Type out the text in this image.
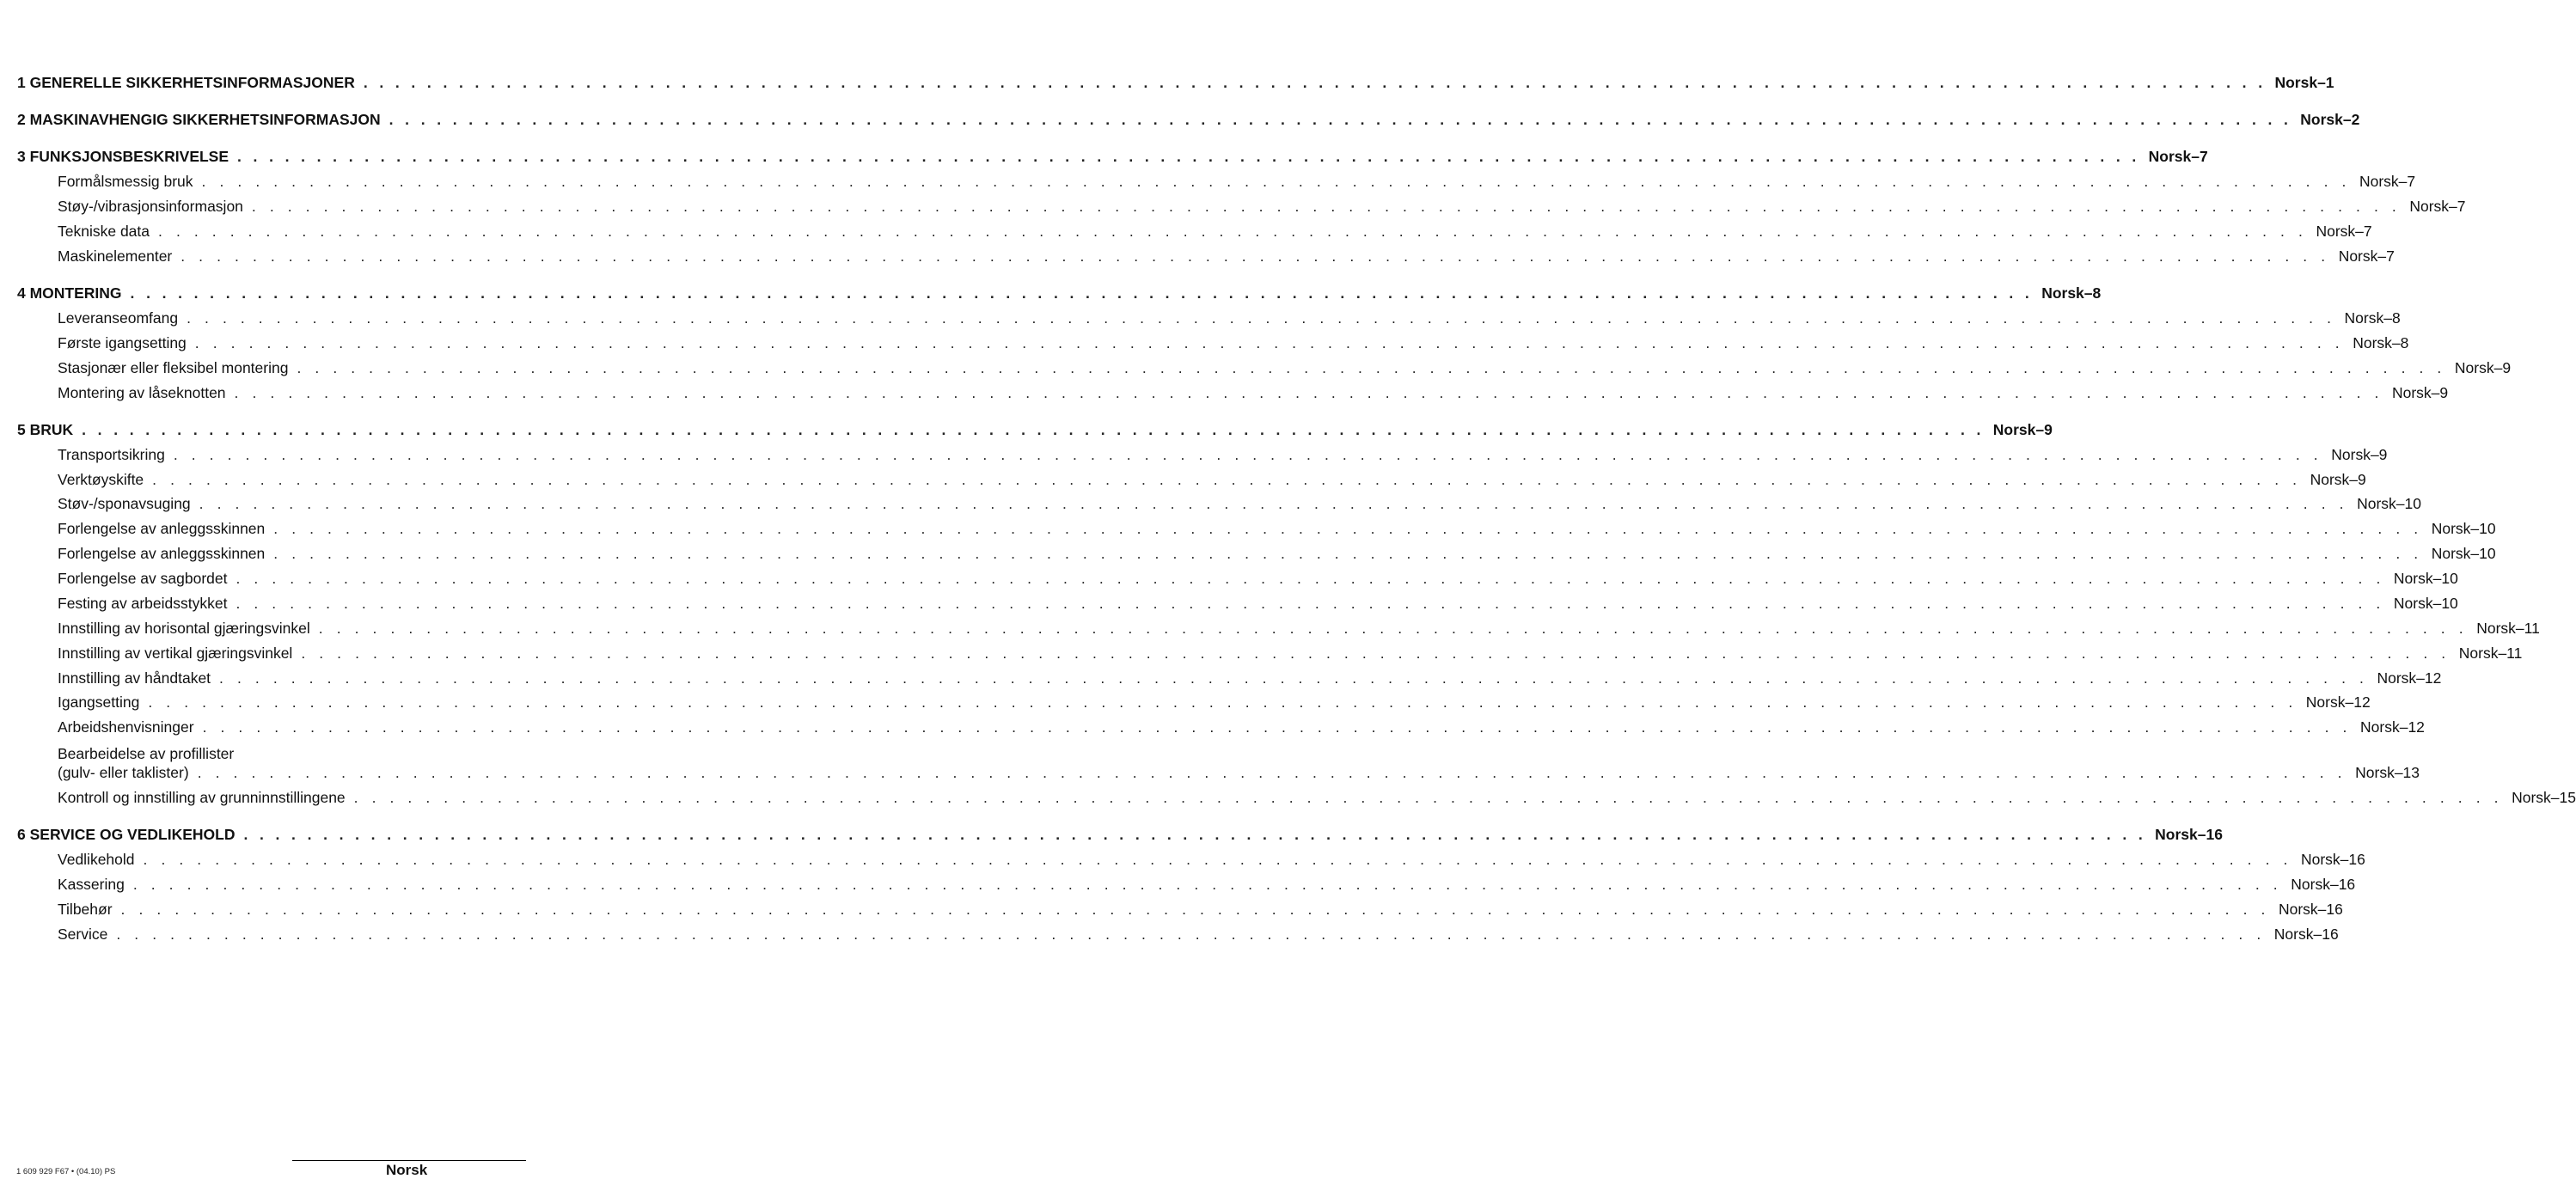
1 GENERELLE SIKKERHETSINFORMASJONER . . . . . . . . . . . . . . . . . . . . . . . . . . . . . . . . . . . . . . . . . . . . . . . . . . . . . . . . . . . . . . . . . . . . . . . . . . . . . . . . . . . . . . . . . . . . . . . . . . . . . . . . . . . . . . . . . . . . . . . . Norsk–1
2 MASKINAVHENGIG SIKKERHETSINFORMASJON . . . . . . . . . . . . . . . . . . . . . . . . . . . . . . . . . . . . . . . . . . . . . . . . . . . . . . . . . . . . . . . . . . . . . . . . . . . . . . . . . . . . . . . . . . . . . . . . . . . . . . . . . . . . . . . . . . . . . . . . Norsk–2
3 FUNKSJONSBESKRIVELSE . . . . . . . . . . . . . . . . . . . . . . . . . . . . . . . . . . . . . . . . . . . . . . . . . . . . . . . . . . . . . . . . . . . . . . . . . . . . . . . . . . . . . . . . . . . . . . . . . . . . . . . . . . . . . . . . . . . . . . . . Norsk–7
Formålsmessig bruk . . . . . . . . . . . . . . . . . . . . . . . . . . . . . . . . . . . . . . . . . . . . . . . . . . . . . . . . . . . . . . . . . . . . . . . . . . . . . . . . . . . . . . . . . . . . . . . . . . . . . . . . . . . . . . . . . . . . . . . . Norsk–7
Støy-/vibrasjonsinformasjon . . . . . . . . . . . . . . . . . . . . . . . . . . . . . . . . . . . . . . . . . . . . . . . . . . . . . . . . . . . . . . . . . . . . . . . . . . . . . . . . . . . . . . . . . . . . . . . . . . . . . . . . . . . . . . . . . . . . . . . . Norsk–7
Tekniske data . . . . . . . . . . . . . . . . . . . . . . . . . . . . . . . . . . . . . . . . . . . . . . . . . . . . . . . . . . . . . . . . . . . . . . . . . . . . . . . . . . . . . . . . . . . . . . . . . . . . . . . . . . . . . . . . . . . . . . . . Norsk–7
Maskinelementer . . . . . . . . . . . . . . . . . . . . . . . . . . . . . . . . . . . . . . . . . . . . . . . . . . . . . . . . . . . . . . . . . . . . . . . . . . . . . . . . . . . . . . . . . . . . . . . . . . . . . . . . . . . . . . . . . . . . . . . . Norsk–7
4 MONTERING . . . . . . . . . . . . . . . . . . . . . . . . . . . . . . . . . . . . . . . . . . . . . . . . . . . . . . . . . . . . . . . . . . . . . . . . . . . . . . . . . . . . . . . . . . . . . . . . . . . . . . . . . . . . . . . . . . . . . . . . Norsk–8
Leveranseomfang . . . . . . . . . . . . . . . . . . . . . . . . . . . . . . . . . . . . . . . . . . . . . . . . . . . . . . . . . . . . . . . . . . . . . . . . . . . . . . . . . . . . . . . . . . . . . . . . . . . . . . . . . . . . . . . . . . . . . . . . Norsk–8
Første igangsetting . . . . . . . . . . . . . . . . . . . . . . . . . . . . . . . . . . . . . . . . . . . . . . . . . . . . . . . . . . . . . . . . . . . . . . . . . . . . . . . . . . . . . . . . . . . . . . . . . . . . . . . . . . . . . . . . . . . . . . . . Norsk–8
Stasjonær eller fleksibel montering . . . . . . . . . . . . . . . . . . . . . . . . . . . . . . . . . . . . . . . . . . . . . . . . . . . . . . . . . . . . . . . . . . . . . . . . . . . . . . . . . . . . . . . . . . . . . . . . . . . . . . . . . . . . . . . . . . . . . . . . Norsk–9
Montering av låseknotten . . . . . . . . . . . . . . . . . . . . . . . . . . . . . . . . . . . . . . . . . . . . . . . . . . . . . . . . . . . . . . . . . . . . . . . . . . . . . . . . . . . . . . . . . . . . . . . . . . . . . . . . . . . . . . . . . . . . . . . . Norsk–9
5 BRUK . . . . . . . . . . . . . . . . . . . . . . . . . . . . . . . . . . . . . . . . . . . . . . . . . . . . . . . . . . . . . . . . . . . . . . . . . . . . . . . . . . . . . . . . . . . . . . . . . . . . . . . . . . . . . . . . . . . . . . . . Norsk–9
Transportsikring . . . . . . . . . . . . . . . . . . . . . . . . . . . . . . . . . . . . . . . . . . . . . . . . . . . . . . . . . . . . . . . . . . . . . . . . . . . . . . . . . . . . . . . . . . . . . . . . . . . . . . . . . . . . . . . . . . . . . . . . Norsk–9
Verktøyskifte . . . . . . . . . . . . . . . . . . . . . . . . . . . . . . . . . . . . . . . . . . . . . . . . . . . . . . . . . . . . . . . . . . . . . . . . . . . . . . . . . . . . . . . . . . . . . . . . . . . . . . . . . . . . . . . . . . . . . . . . Norsk–9
Støv-/sponavsuging . . . . . . . . . . . . . . . . . . . . . . . . . . . . . . . . . . . . . . . . . . . . . . . . . . . . . . . . . . . . . . . . . . . . . . . . . . . . . . . . . . . . . . . . . . . . . . . . . . . . . . . . . . . . . . . . . . . . . . . . Norsk–10
Forlengelse av anleggsskinnen . . . . . . . . . . . . . . . . . . . . . . . . . . . . . . . . . . . . . . . . . . . . . . . . . . . . . . . . . . . . . . . . . . . . . . . . . . . . . . . . . . . . . . . . . . . . . . . . . . . . . . . . . . . . . . . . . . . . . . . . Norsk–10
Forlengelse av anleggsskinnen . . . . . . . . . . . . . . . . . . . . . . . . . . . . . . . . . . . . . . . . . . . . . . . . . . . . . . . . . . . . . . . . . . . . . . . . . . . . . . . . . . . . . . . . . . . . . . . . . . . . . . . . . . . . . . . . . . . . . . . . Norsk–10
Forlengelse av sagbordet . . . . . . . . . . . . . . . . . . . . . . . . . . . . . . . . . . . . . . . . . . . . . . . . . . . . . . . . . . . . . . . . . . . . . . . . . . . . . . . . . . . . . . . . . . . . . . . . . . . . . . . . . . . . . . . . . . . . . . . . Norsk–10
Festing av arbeidsstykket . . . . . . . . . . . . . . . . . . . . . . . . . . . . . . . . . . . . . . . . . . . . . . . . . . . . . . . . . . . . . . . . . . . . . . . . . . . . . . . . . . . . . . . . . . . . . . . . . . . . . . . . . . . . . . . . . . . . . . . . Norsk–10
Innstilling av horisontal gjæringsvinkel . . . . . . . . . . . . . . . . . . . . . . . . . . . . . . . . . . . . . . . . . . . . . . . . . . . . . . . . . . . . . . . . . . . . . . . . . . . . . . . . . . . . . . . . . . . . . . . . . . . . . . . . . . . . . . . . . . . . . . . . Norsk–11
Innstilling av vertikal gjæringsvinkel . . . . . . . . . . . . . . . . . . . . . . . . . . . . . . . . . . . . . . . . . . . . . . . . . . . . . . . . . . . . . . . . . . . . . . . . . . . . . . . . . . . . . . . . . . . . . . . . . . . . . . . . . . . . . . . . . . . . . . . . Norsk–11
Innstilling av håndtaket . . . . . . . . . . . . . . . . . . . . . . . . . . . . . . . . . . . . . . . . . . . . . . . . . . . . . . . . . . . . . . . . . . . . . . . . . . . . . . . . . . . . . . . . . . . . . . . . . . . . . . . . . . . . . . . . . . . . . . . . Norsk–12
Igangsetting . . . . . . . . . . . . . . . . . . . . . . . . . . . . . . . . . . . . . . . . . . . . . . . . . . . . . . . . . . . . . . . . . . . . . . . . . . . . . . . . . . . . . . . . . . . . . . . . . . . . . . . . . . . . . . . . . . . . . . . . Norsk–12
Arbeidshenvisninger . . . . . . . . . . . . . . . . . . . . . . . . . . . . . . . . . . . . . . . . . . . . . . . . . . . . . . . . . . . . . . . . . . . . . . . . . . . . . . . . . . . . . . . . . . . . . . . . . . . . . . . . . . . . . . . . . . . . . . . . Norsk–12
Bearbeidelse av profillister
(gulv- eller taklister) . . . . . . . . . . . . . . . . . . . . . . . . . . . . . . . . . . . . . . . . . . . . . . . . . . . . . . . . . . . . . . . . . . . . . . . . . . . . . . . . . . . . . . . . . . . . . . . . . . . . . . . . . . . . . . . . . . . . . . . . Norsk–13
Kontroll og innstilling av grunninnstillingene . . . . . . . . . . . . . . . . . . . . . . . . . . . . . . . . . . . . . . . . . . . . . . . . . . . . . . . . . . . . . . . . . . . . . . . . . . . . . . . . . . . . . . . . . . . . . . . . . . . . . . . . . . . . . . . . . . . . . . . . Norsk–15
6 SERVICE OG VEDLIKEHOLD . . . . . . . . . . . . . . . . . . . . . . . . . . . . . . . . . . . . . . . . . . . . . . . . . . . . . . . . . . . . . . . . . . . . . . . . . . . . . . . . . . . . . . . . . . . . . . . . . . . . . . . . . . . . . . . . . . . . . . . . Norsk–16
Vedlikehold . . . . . . . . . . . . . . . . . . . . . . . . . . . . . . . . . . . . . . . . . . . . . . . . . . . . . . . . . . . . . . . . . . . . . . . . . . . . . . . . . . . . . . . . . . . . . . . . . . . . . . . . . . . . . . . . . . . . . . . . Norsk–16
Kassering . . . . . . . . . . . . . . . . . . . . . . . . . . . . . . . . . . . . . . . . . . . . . . . . . . . . . . . . . . . . . . . . . . . . . . . . . . . . . . . . . . . . . . . . . . . . . . . . . . . . . . . . . . . . . . . . . . . . . . . . Norsk–16
Tilbehør . . . . . . . . . . . . . . . . . . . . . . . . . . . . . . . . . . . . . . . . . . . . . . . . . . . . . . . . . . . . . . . . . . . . . . . . . . . . . . . . . . . . . . . . . . . . . . . . . . . . . . . . . . . . . . . . . . . . . . . . Norsk–16
Service . . . . . . . . . . . . . . . . . . . . . . . . . . . . . . . . . . . . . . . . . . . . . . . . . . . . . . . . . . . . . . . . . . . . . . . . . . . . . . . . . . . . . . . . . . . . . . . . . . . . . . . . . . . . . . . . . . . . . . . . Norsk–16
1 609 929 F67 • (04.10) PS	Norsk
